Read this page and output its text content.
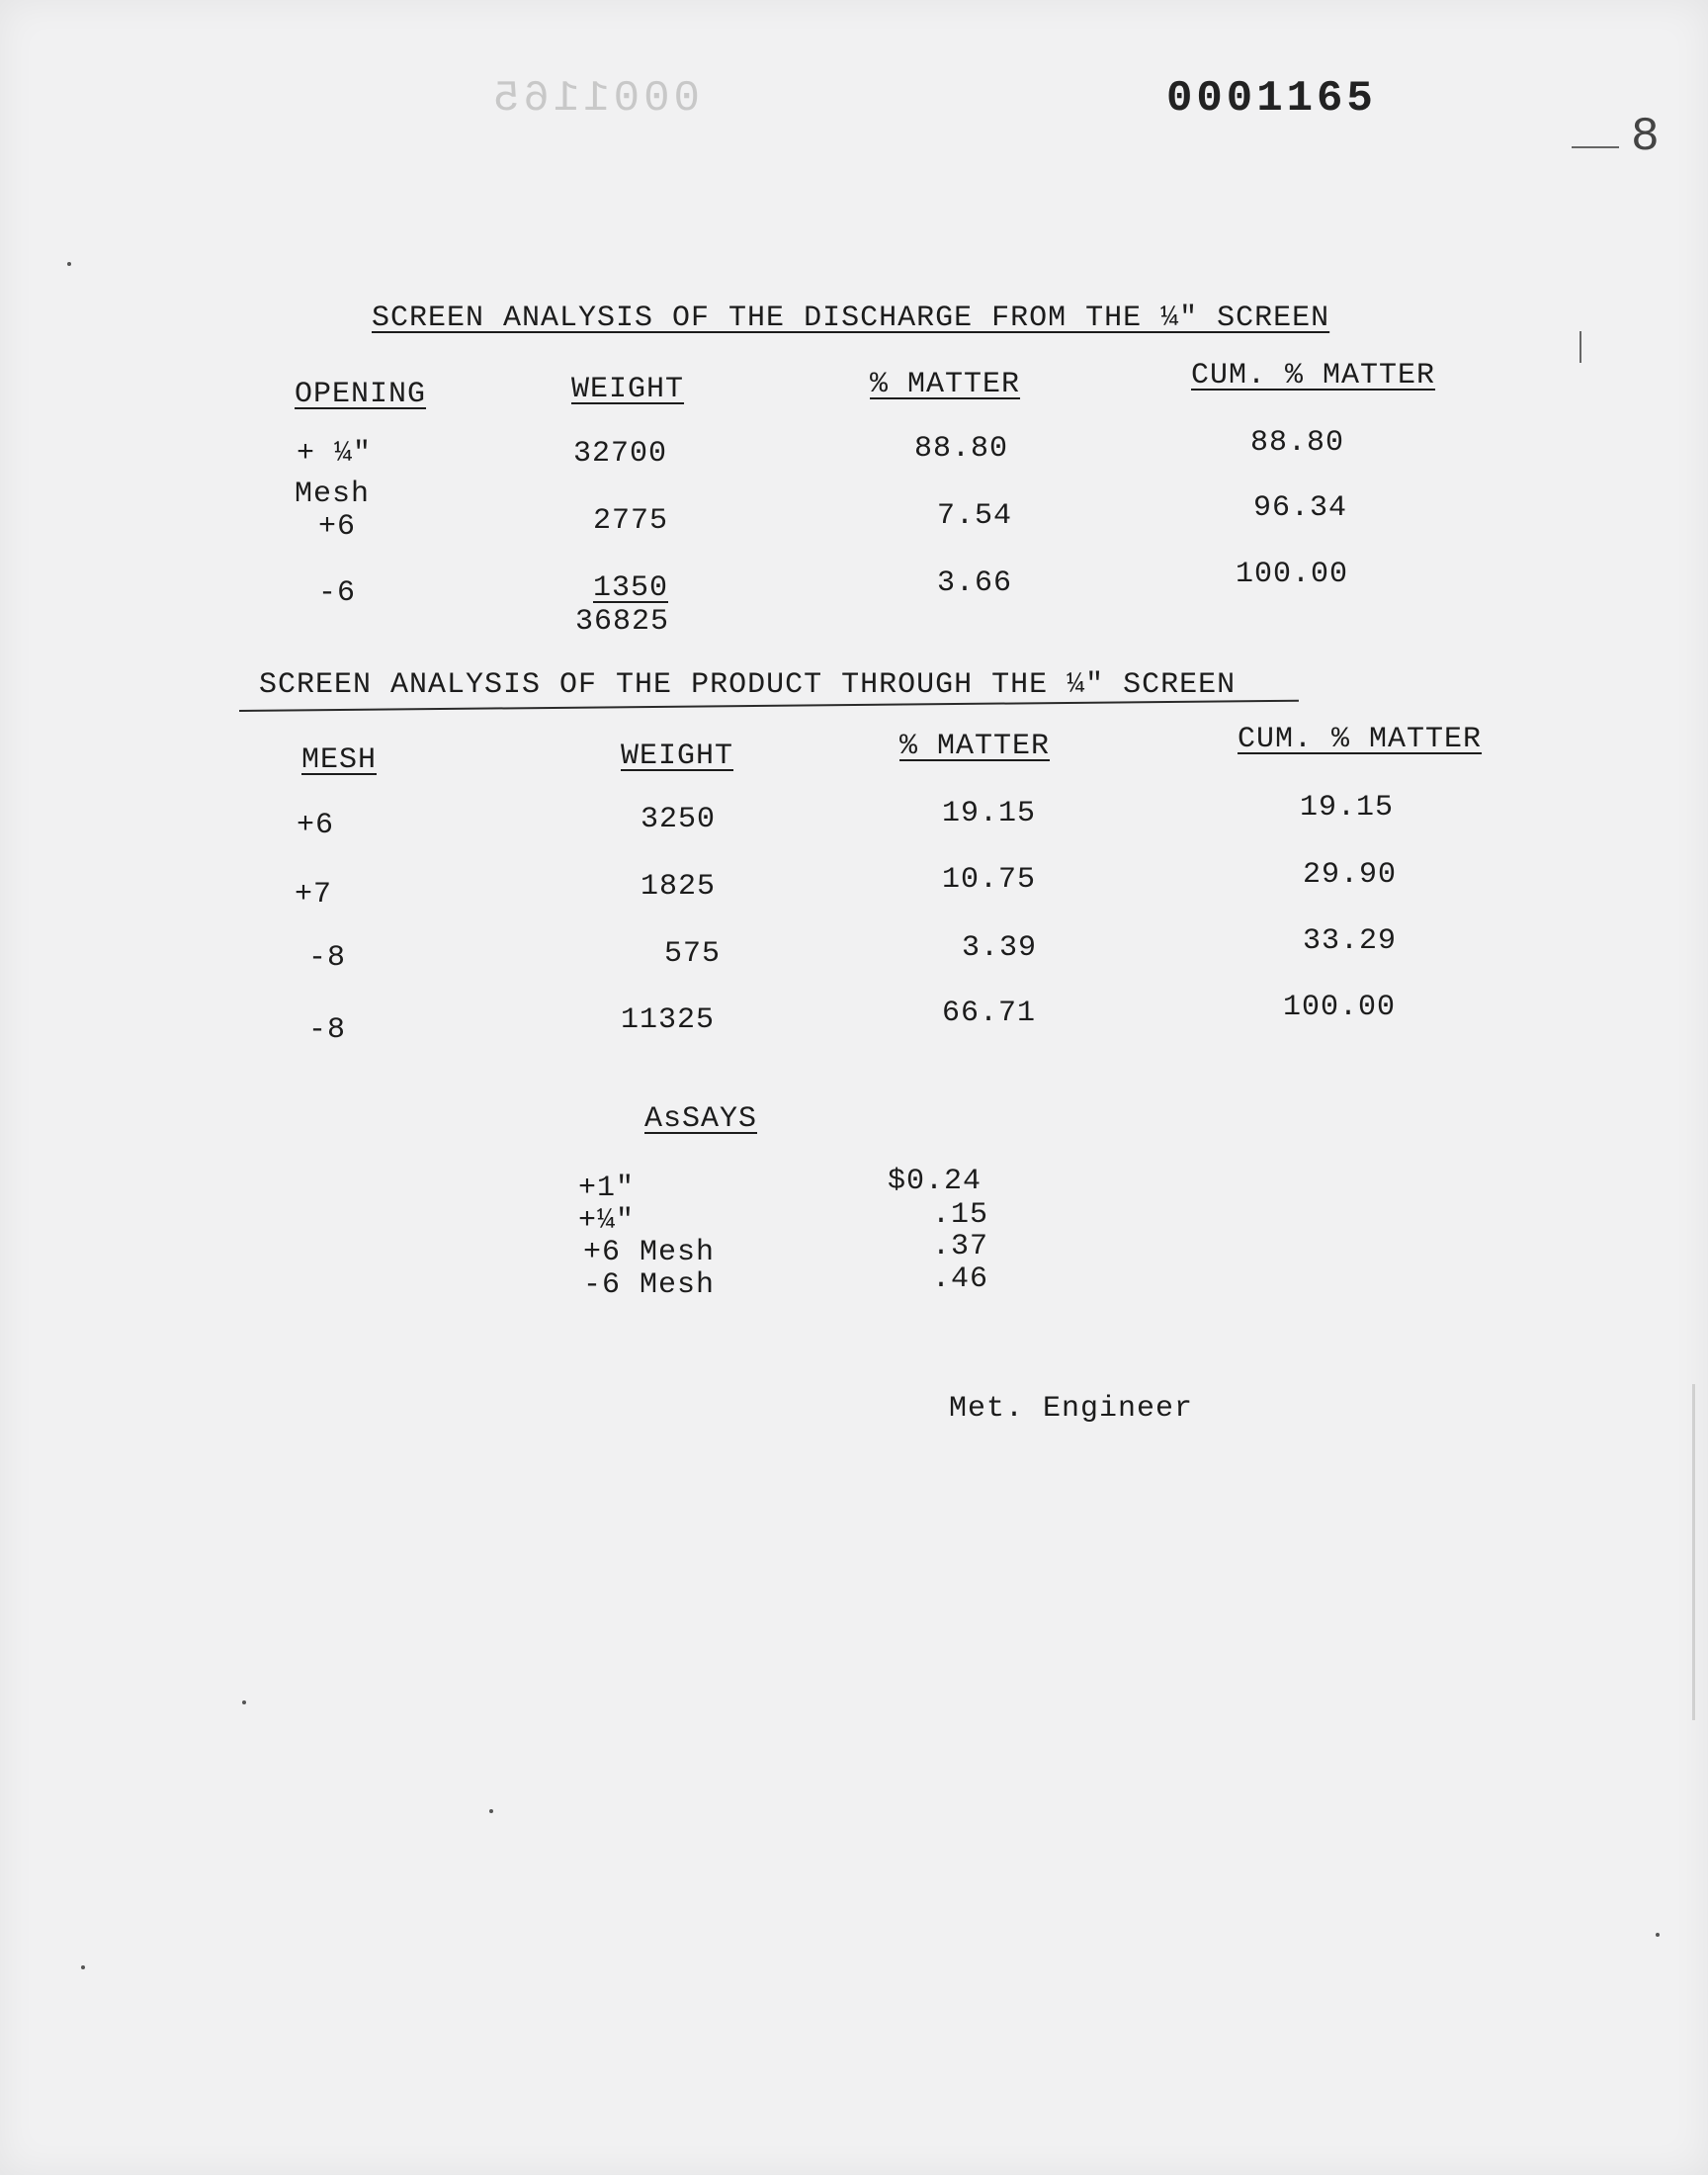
0001165	0001165
8
SCREEN ANALYSIS OF THE DISCHARGE FROM THE ¼" SCREEN
OPENING	WEIGHT	% MATTER	CUM. % MATTER
+ ¼"	32700	88.80	88.80
Mesh
+6	2775	7.54	96.34
-6	1350	3.66	100.00
36825
SCREEN ANALYSIS OF THE PRODUCT THROUGH THE ¼" SCREEN
MESH	WEIGHT	% MATTER	CUM. % MATTER
+6	3250	19.15	19.15
+7	1825	10.75	29.90
-8	575	3.39	33.29
-8	11325	66.71	100.00
AsSAYS
+1"	$0.24
+¼"	.15
+6 Mesh	.37
-6 Mesh	.46
Met. Engineer
